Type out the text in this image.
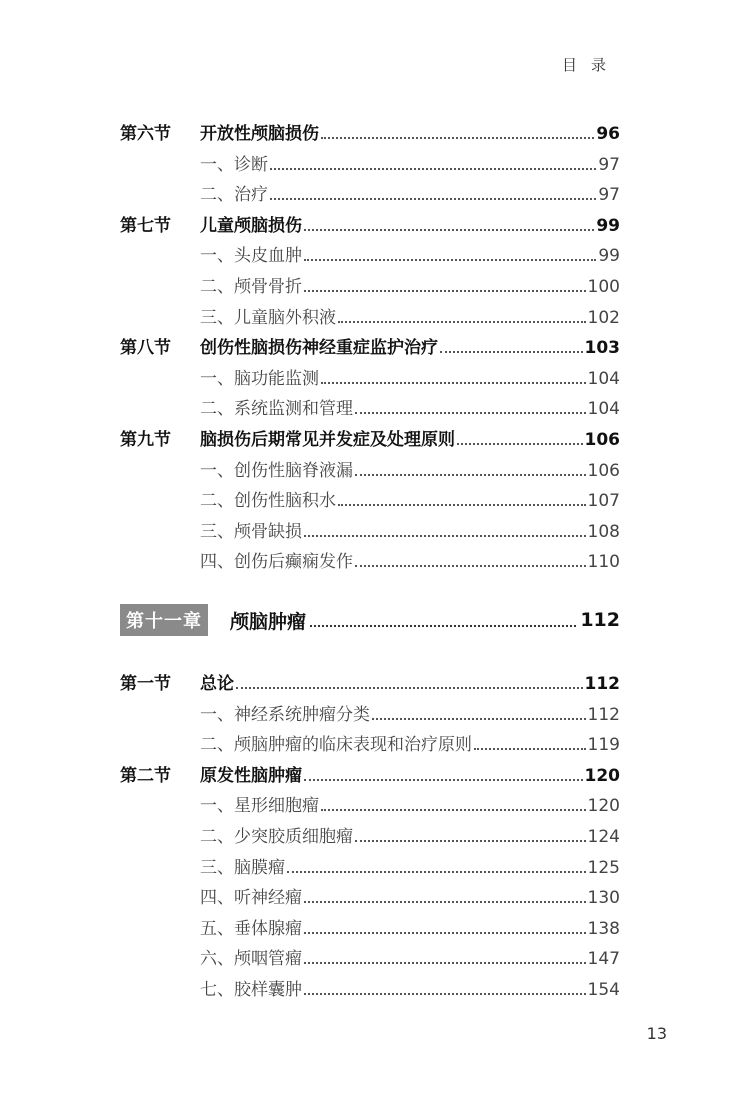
目录
第六节	开放性颅脑损伤	96
一、诊断	97
二、治疗	97
第七节	儿童颅脑损伤	99
一、头皮血肿	99
二、颅骨骨折	100
三、儿童脑外积液	102
第八节	创伤性脑损伤神经重症监护治疗	103
一、脑功能监测	104
二、系统监测和管理	104
第九节	脑损伤后期常见并发症及处理原则	106
一、创伤性脑脊液漏	106
二、创伤性脑积水	107
三、颅骨缺损	108
四、创伤后癫痫发作	110
第十一章	颅脑肿瘤	112
第一节	总论	112
一、神经系统肿瘤分类	112
二、颅脑肿瘤的临床表现和治疗原则	119
第二节	原发性脑肿瘤	120
一、星形细胞瘤	120
二、少突胶质细胞瘤	124
三、脑膜瘤	125
四、听神经瘤	130
五、垂体腺瘤	138
六、颅咽管瘤	147
七、胶样囊肿	154
13
